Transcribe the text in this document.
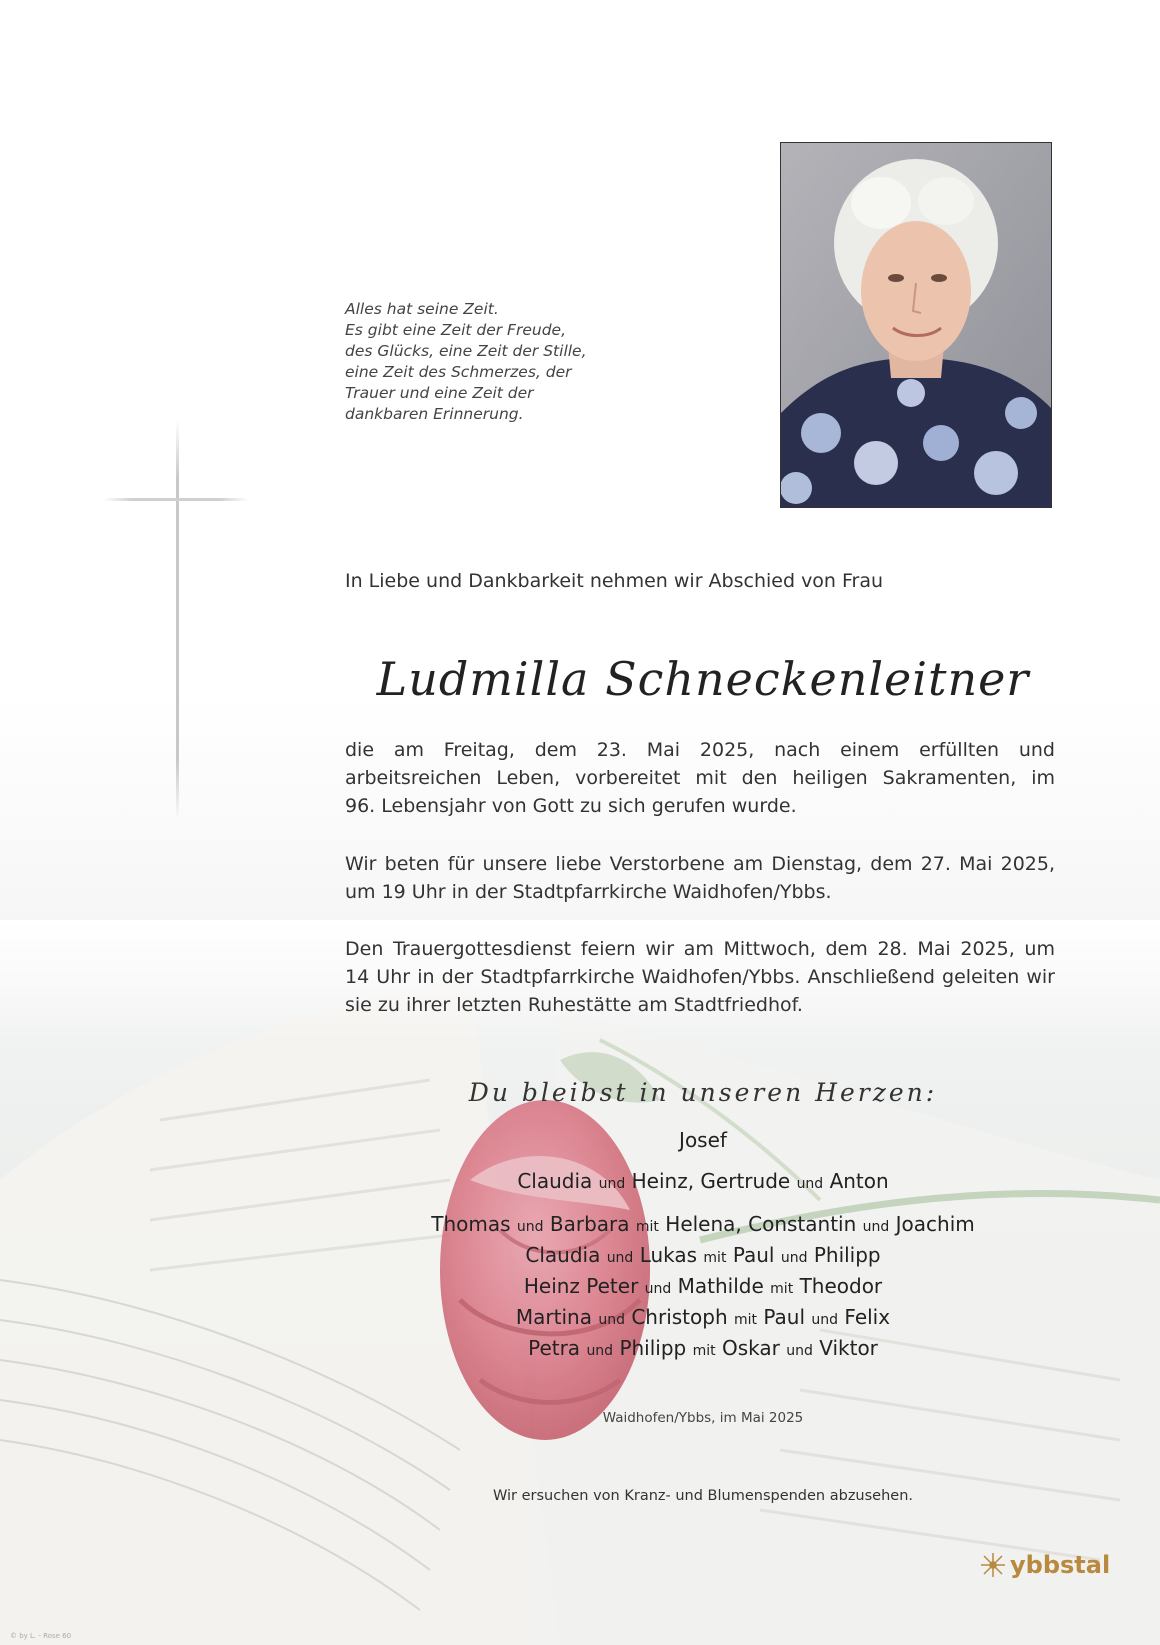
Alles hat seine Zeit.
Es gibt eine Zeit der Freude,
des Glücks, eine Zeit der Stille,
eine Zeit des Schmerzes, der
Trauer und eine Zeit der
dankbaren Erinnerung.
In Liebe und Dankbarkeit nehmen wir Abschied von Frau
Ludmilla Schneckenleitner
die am Freitag, dem 23. Mai 2025, nach einem erfüllten und
arbeitsreichen Leben, vorbereitet mit den heiligen Sakramenten, im
96. Lebensjahr von Gott zu sich gerufen wurde.
Wir beten für unsere liebe Verstorbene am Dienstag, dem 27. Mai 2025,
um 19 Uhr in der Stadtpfarrkirche Waidhofen/Ybbs.
Den Trauergottesdienst feiern wir am Mittwoch, dem 28. Mai 2025, um
14 Uhr in der Stadtpfarrkirche Waidhofen/Ybbs. Anschließend geleiten wir
sie zu ihrer letzten Ruhestätte am Stadtfriedhof.
Du bleibst in unseren Herzen:
Josef
Claudia und Heinz, Gertrude und Anton
Thomas und Barbara mit Helena, Constantin und Joachim
Claudia und Lukas mit Paul und Philipp
Heinz Peter und Mathilde mit Theodor
Martina und Christoph mit Paul und Felix
Petra und Philipp mit Oskar und Viktor
Waidhofen/Ybbs, im Mai 2025
Wir ersuchen von Kranz- und Blumenspenden abzusehen.
ybbstal
© by L. - Rose 60
